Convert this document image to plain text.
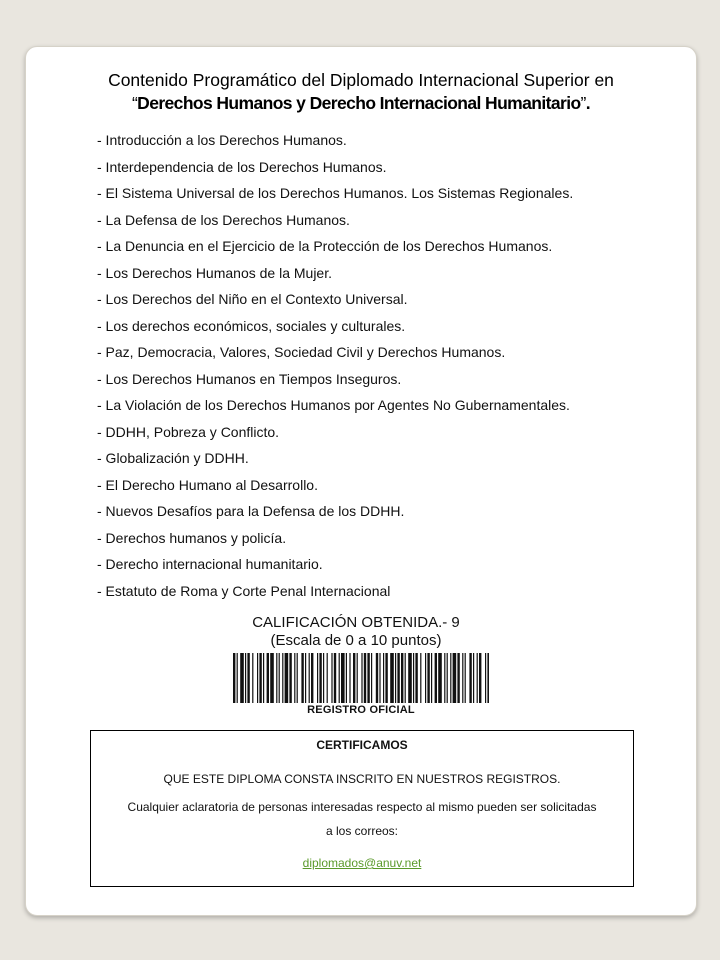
Contenido Programático del Diplomado Internacional Superior en
“Derechos Humanos y Derecho Internacional Humanitario”.
- Introducción a los Derechos Humanos.
- Interdependencia de los Derechos Humanos.
- El Sistema Universal de los Derechos Humanos. Los Sistemas Regionales.
- La Defensa de los Derechos Humanos.
- La Denuncia en el Ejercicio de la Protección de los Derechos Humanos.
- Los Derechos Humanos de la Mujer.
- Los Derechos del Niño en el Contexto Universal.
- Los derechos económicos, sociales y culturales.
- Paz, Democracia, Valores, Sociedad Civil y Derechos Humanos.
- Los Derechos Humanos en Tiempos Inseguros.
- La Violación de los Derechos Humanos por Agentes No Gubernamentales.
- DDHH, Pobreza y Conflicto.
- Globalización y DDHH.
- El Derecho Humano al Desarrollo.
- Nuevos Desafíos para la Defensa de los DDHH.
- Derechos humanos y policía.
- Derecho internacional humanitario.
- Estatuto de Roma y Corte Penal Internacional
CALIFICACIÓN OBTENIDA.- 9
(Escala de 0 a 10 puntos)
REGISTRO OFICIAL
CERTIFICAMOS
QUE ESTE DIPLOMA CONSTA INSCRITO EN NUESTROS REGISTROS.
Cualquier aclaratoria de personas interesadas respecto al mismo pueden ser solicitadas
a los correos:
diplomados@anuv.net
